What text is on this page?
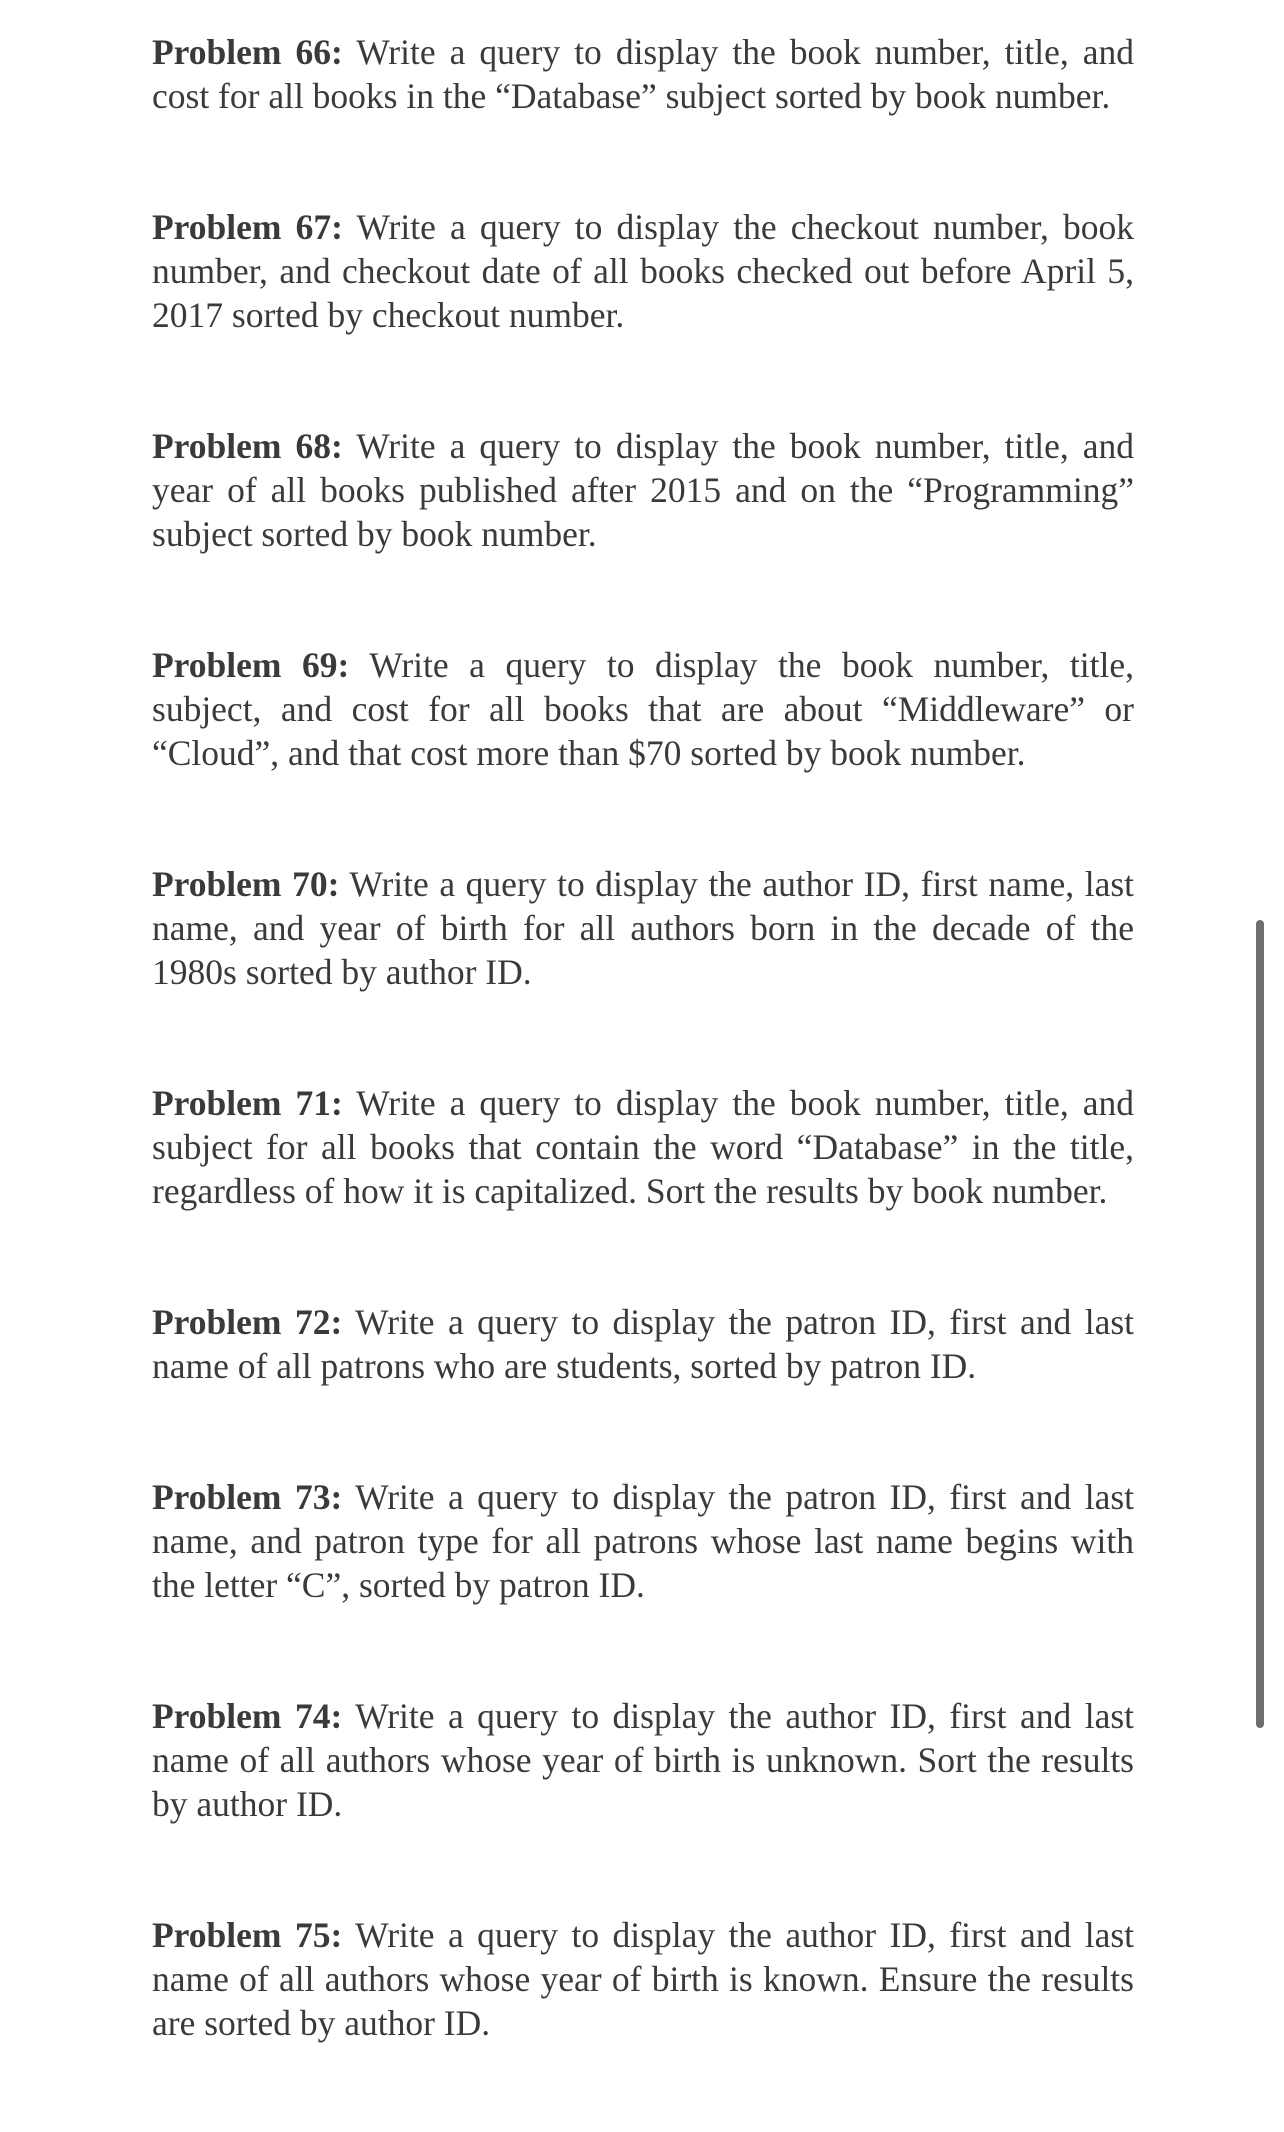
Problem 66: Write a query to display the book number, title, and cost for all books in the “Database” subject sorted by book number.

Problem 67: Write a query to display the checkout number, book number, and checkout date of all books checked out before April 5, 2017 sorted by checkout number.

Problem 68: Write a query to display the book number, title, and year of all books published after 2015 and on the “Programming” subject sorted by book number.

Problem 69: Write a query to display the book number, title, subject, and cost for all books that are about “Middleware” or “Cloud”, and that cost more than $70 sorted by book number.

Problem 70: Write a query to display the author ID, first name, last name, and year of birth for all authors born in the decade of the 1980s sorted by author ID.

Problem 71: Write a query to display the book number, title, and subject for all books that contain the word “Database” in the title, regardless of how it is capitalized. Sort the results by book number.

Problem 72: Write a query to display the patron ID, first and last name of all patrons who are students, sorted by patron ID.

Problem 73: Write a query to display the patron ID, first and last name, and patron type for all patrons whose last name begins with the letter “C”, sorted by patron ID.

Problem 74: Write a query to display the author ID, first and last name of all authors whose year of birth is unknown. Sort the results by author ID.

Problem 75: Write a query to display the author ID, first and last name of all authors whose year of birth is known. Ensure the results are sorted by author ID.
